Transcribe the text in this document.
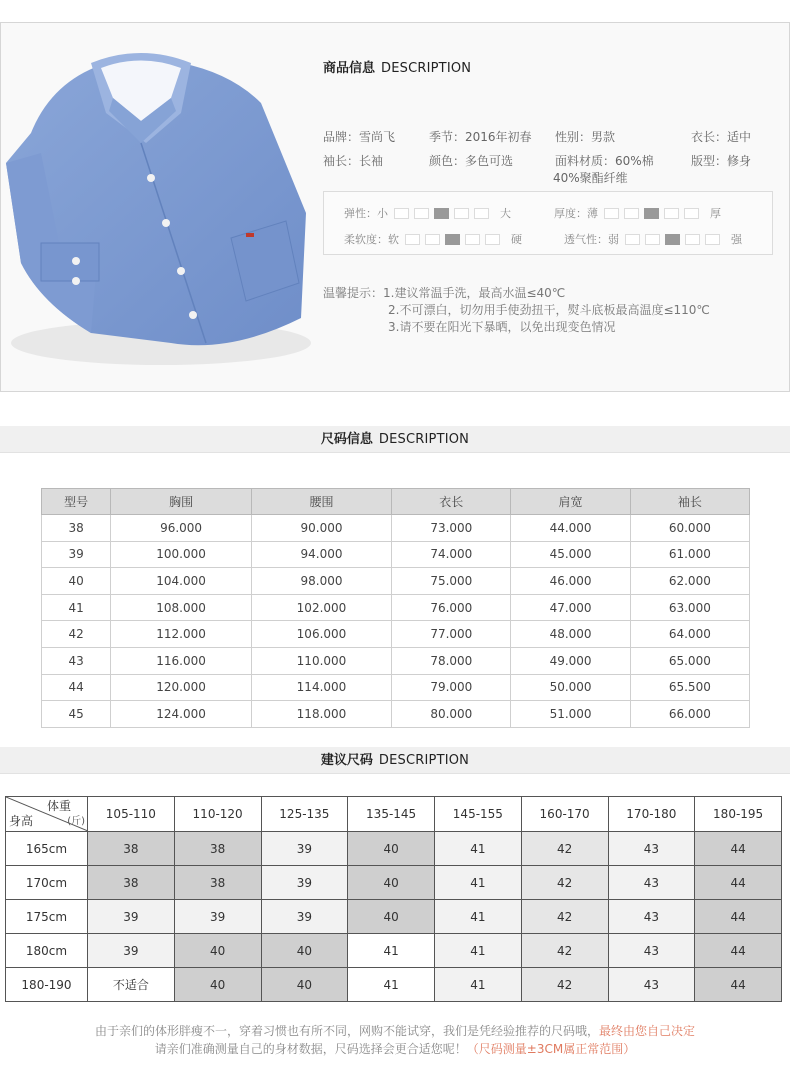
商品信息 DESCRIPTION
品牌：雪尚飞	季节：2016年初春 性别：男款	衣长：适中
袖长：长袖	颜色：多色可选	面料材质：60%棉
40%聚酯纤维
版型：修身
弹性：小	大	厚度：薄	厚
柔软度：软	硬	透气性：弱	强
温馨提示：1.建议常温手洗，最高水温≤40℃
2.不可漂白，切勿用手使劲扭干，熨斗底板最高温度≤110℃
3.请不要在阳光下暴晒，以免出现变色情况
尺码信息 DESCRIPTION
型号	胸围	腰围	衣长	肩宽	袖长
38	96.000	90.000	73.000	44.000	60.000
39	100.000	94.000	74.000	45.000	61.000
40	104.000	98.000	75.000	46.000	62.000
41	108.000	102.000	76.000	47.000	63.000
42	112.000	106.000	77.000	48.000	64.000
43	116.000	110.000	78.000	49.000	65.000
44	120.000	114.000	79.000	50.000	65.500
45	124.000	118.000	80.000	51.000	66.000
建议尺码 DESCRIPTION
体重
(斤)
身高	105-110	110-120	125-135	135-145	145-155	160-170	170-180	180-195
165cm	38	38	39	40	41	42	43	44
170cm	38	38	39	40	41	42	43	44
175cm	39	39	39	40	41	42	43	44
180cm	39	40	40	41	41	42	43	44
180-190	不适合	40	40	41	41	42	43	44
由于亲们的体形胖瘦不一，穿着习惯也有所不同，网购不能试穿，我们是凭经验推荐的尺码哦，最终由您自己决定
请亲们准确测量自己的身材数据，尺码选择会更合适您呢！（尺码测量±3CM属正常范围）
